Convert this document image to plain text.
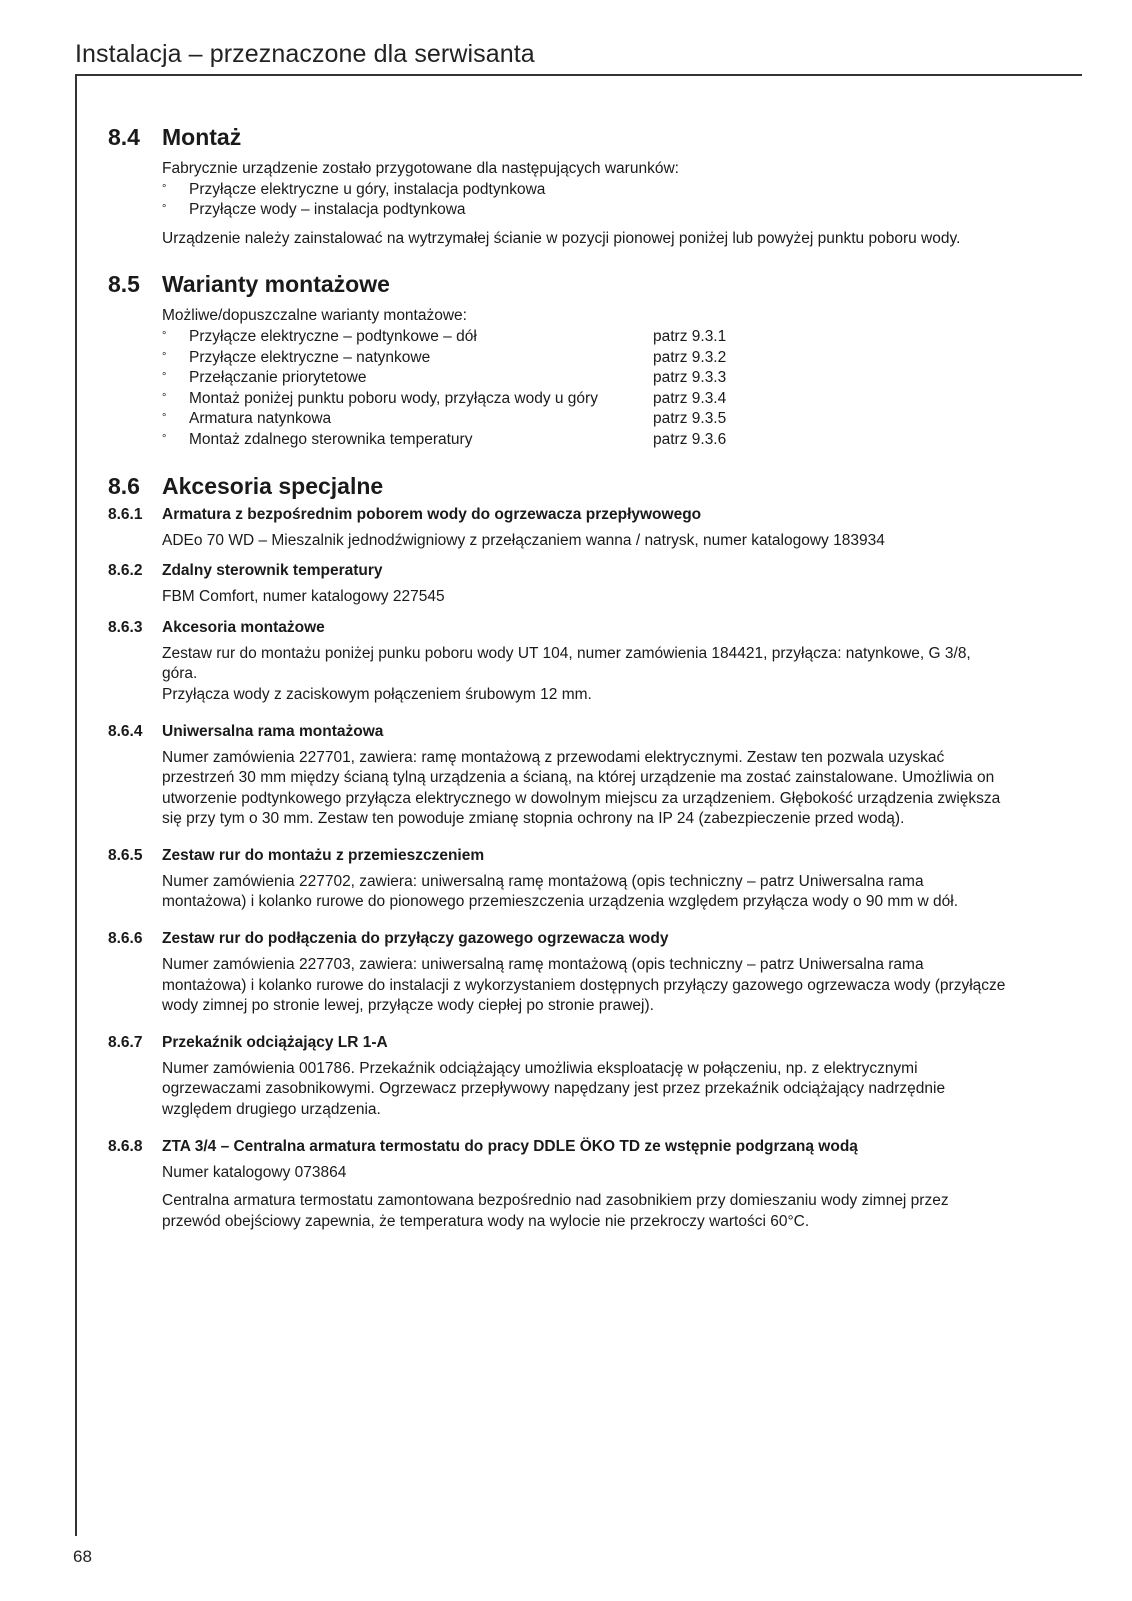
Instalacja – przeznaczone dla serwisanta
8.4 Montaż

Fabrycznie urządzenie zostało przygotowane dla następujących warunków:

° Przyłącze elektryczne u góry, instalacja podtynkowa
° Przyłącze wody – instalacja podtynkowa

Urządzenie należy zainstalować na wytrzymałej ścianie w pozycji pionowej poniżej lub powyżej punktu poboru wody.

8.5 Warianty montażowe

Możliwe/dopuszczalne warianty montażowe:

° Przyłącze elektryczne – podtynkowe – dół	patrz 9.3.1
° Przyłącze elektryczne – natynkowe	patrz 9.3.2
° Przełączanie priorytetowe	patrz 9.3.3
° Montaż poniżej punktu poboru wody, przyłącza wody u góry	patrz 9.3.4
° Armatura natynkowa	patrz 9.3.5
° Montaż zdalnego sterownika temperatury	patrz 9.3.6
8.6 Akcesoria specjalne
8.6.1	Armatura z bezpośrednim poborem wody do ogrzewacza przepływowego

ADEo 70 WD – Mieszalnik jednodźwigniowy z przełączaniem wanna / natrysk, numer katalogowy 183934

8.6.2	Zdalny sterownik temperatury

FBM Comfort, numer katalogowy 227545

8.6.3	Akcesoria montażowe

Zestaw rur do montażu poniżej punku poboru wody UT 104, numer zamówienia 184421, przyłącza: natynkowe, G 3/8, góra.

Przyłącza wody z zaciskowym połączeniem śrubowym 12 mm.

8.6.4	Uniwersalna rama montażowa

Numer zamówienia 227701, zawiera: ramę montażową z przewodami elektrycznymi. Zestaw ten pozwala uzyskać przestrzeń 30 mm między ścianą tylną urządzenia a ścianą, na której urządzenie ma zostać zainstalowane. Umożliwia on utworzenie podtynkowego przyłącza elektrycznego w dowolnym miejscu za urządzeniem. Głębokość urządzenia zwiększa się przy tym o 30 mm. Zestaw ten powoduje zmianę stopnia ochrony na IP 24 (zabezpieczenie przed wodą).

8.6.5	Zestaw rur do montażu z przemieszczeniem

Numer zamówienia 227702, zawiera: uniwersalną ramę montażową (opis techniczny – patrz Uniwersalna rama montażowa) i kolanko rurowe do pionowego przemieszczenia urządzenia względem przyłącza wody o 90 mm w dół.

8.6.6	Zestaw rur do podłączenia do przyłączy gazowego ogrzewacza wody

Numer zamówienia 227703, zawiera: uniwersalną ramę montażową (opis techniczny – patrz Uniwersalna rama montażowa) i kolanko rurowe do instalacji z wykorzystaniem dostępnych przyłączy gazowego ogrzewacza wody (przyłącze wody zimnej po stronie lewej, przyłącze wody ciepłej po stronie prawej).

8.6.7	Przekaźnik odciążający LR 1-A

Numer zamówienia 001786. Przekaźnik odciążający umożliwia eksploatację w połączeniu, np. z elektrycznymi ogrzewaczami zasobnikowymi. Ogrzewacz przepływowy napędzany jest przez przekaźnik odciążający nadrzędnie względem drugiego urządzenia.

8.6.8	ZTA 3/4 – Centralna armatura termostatu do pracy DDLE ÖKO TD ze wstępnie podgrzaną wodą

Numer katalogowy 073864

Centralna armatura termostatu zamontowana bezpośrednio nad zasobnikiem przy domieszaniu wody zimnej przez przewód obejściowy zapewnia, że temperatura wody na wylocie nie przekroczy wartości 60°C.

68
